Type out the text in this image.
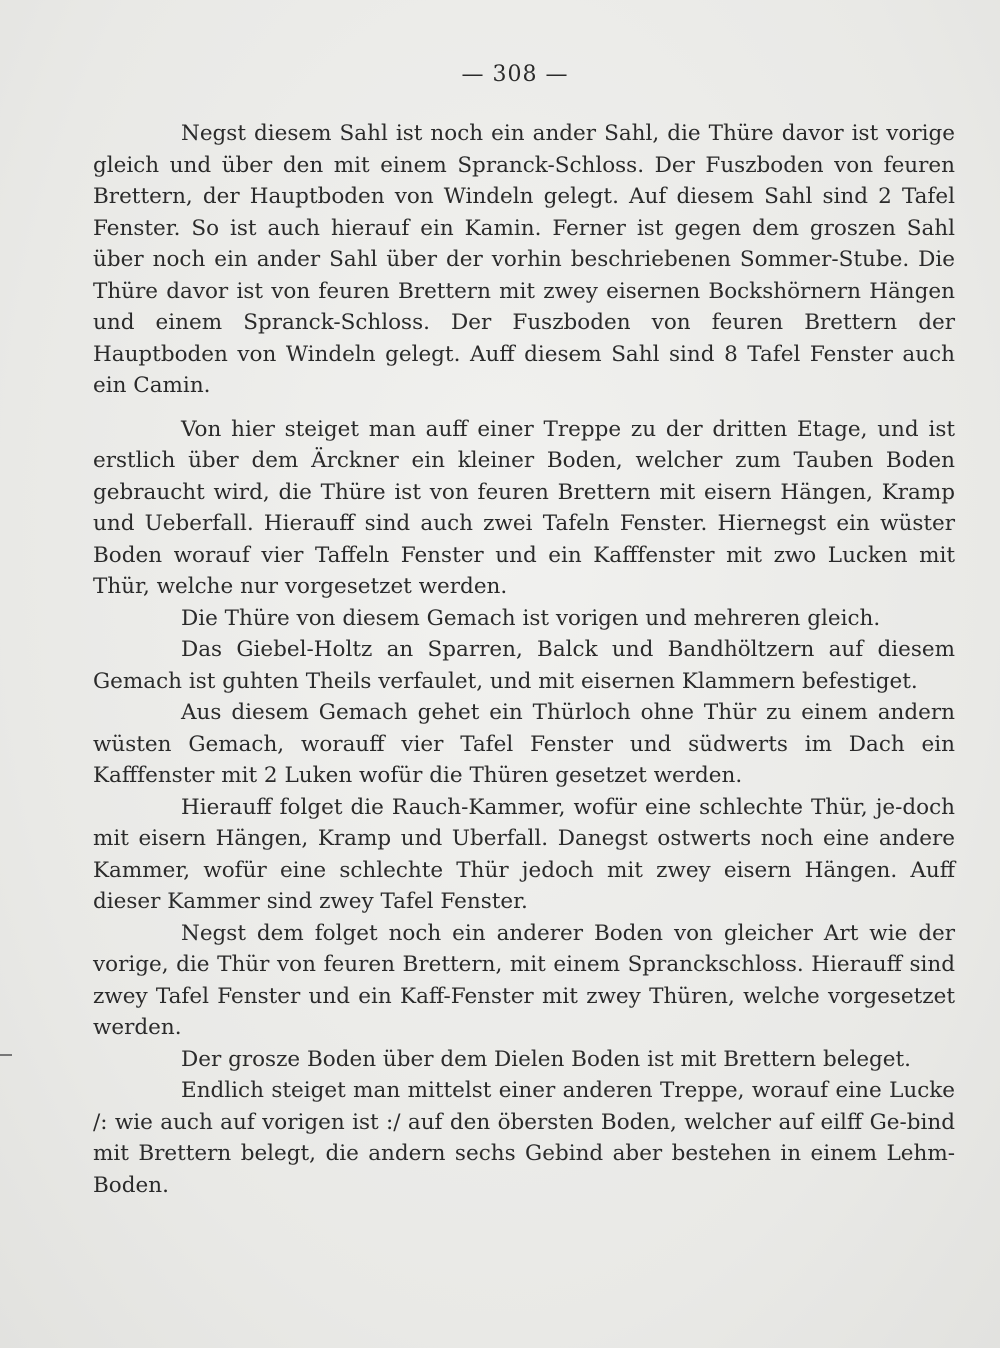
— 308 —

Negst diesem Sahl ist noch ein ander Sahl, die Thüre davor ist vorige gleich und über den mit einem Spranck-Schloss. Der Fuszboden von feuren Brettern, der Hauptboden von Windeln gelegt. Auf diesem Sahl sind 2 Tafel Fenster. So ist auch hierauf ein Kamin. Ferner ist gegen dem groszen Sahl über noch ein ander Sahl über der vorhin beschriebenen Sommer-Stube. Die Thüre davor ist von feuren Brettern mit zwey eisernen Bockshörnern Hängen und einem Spranck-Schloss. Der Fuszboden von feuren Brettern der Hauptboden von Windeln gelegt. Auff diesem Sahl sind 8 Tafel Fenster auch ein Camin.

Von hier steiget man auff einer Treppe zu der dritten Etage, und ist erstlich über dem Ärckner ein kleiner Boden, welcher zum Tauben Boden gebraucht wird, die Thüre ist von feuren Brettern mit eisern Hängen, Kramp und Ueberfall. Hierauff sind auch zwei Tafeln Fenster. Hiernegst ein wüster Boden worauf vier Taffeln Fenster und ein Kafffenster mit zwo Lucken mit Thür, welche nur vorgesetzet werden.

Die Thüre von diesem Gemach ist vorigen und mehreren gleich.

Das Giebel-Holtz an Sparren, Balck und Bandhöltzern auf diesem Gemach ist guhten Theils verfaulet, und mit eisernen Klammern befestiget.

Aus diesem Gemach gehet ein Thürloch ohne Thür zu einem andern wüsten Gemach, worauff vier Tafel Fenster und südwerts im Dach ein Kafffenster mit 2 Luken wofür die Thüren gesetzet werden.

Hierauff folget die Rauch-Kammer, wofür eine schlechte Thür, je-doch mit eisern Hängen, Kramp und Uberfall. Danegst ostwerts noch eine andere Kammer, wofür eine schlechte Thür jedoch mit zwey eisern Hängen. Auff dieser Kammer sind zwey Tafel Fenster.

Negst dem folget noch ein anderer Boden von gleicher Art wie der vorige, die Thür von feuren Brettern, mit einem Spranckschloss. Hierauff sind zwey Tafel Fenster und ein Kaff-Fenster mit zwey Thüren, welche vorgesetzet werden.

Der grosze Boden über dem Dielen Boden ist mit Brettern beleget.

Endlich steiget man mittelst einer anderen Treppe, worauf eine Lucke /: wie auch auf vorigen ist :/ auf den öbersten Boden, welcher auf eilff Ge-bind mit Brettern belegt, die andern sechs Gebind aber bestehen in einem Lehm-Boden.
